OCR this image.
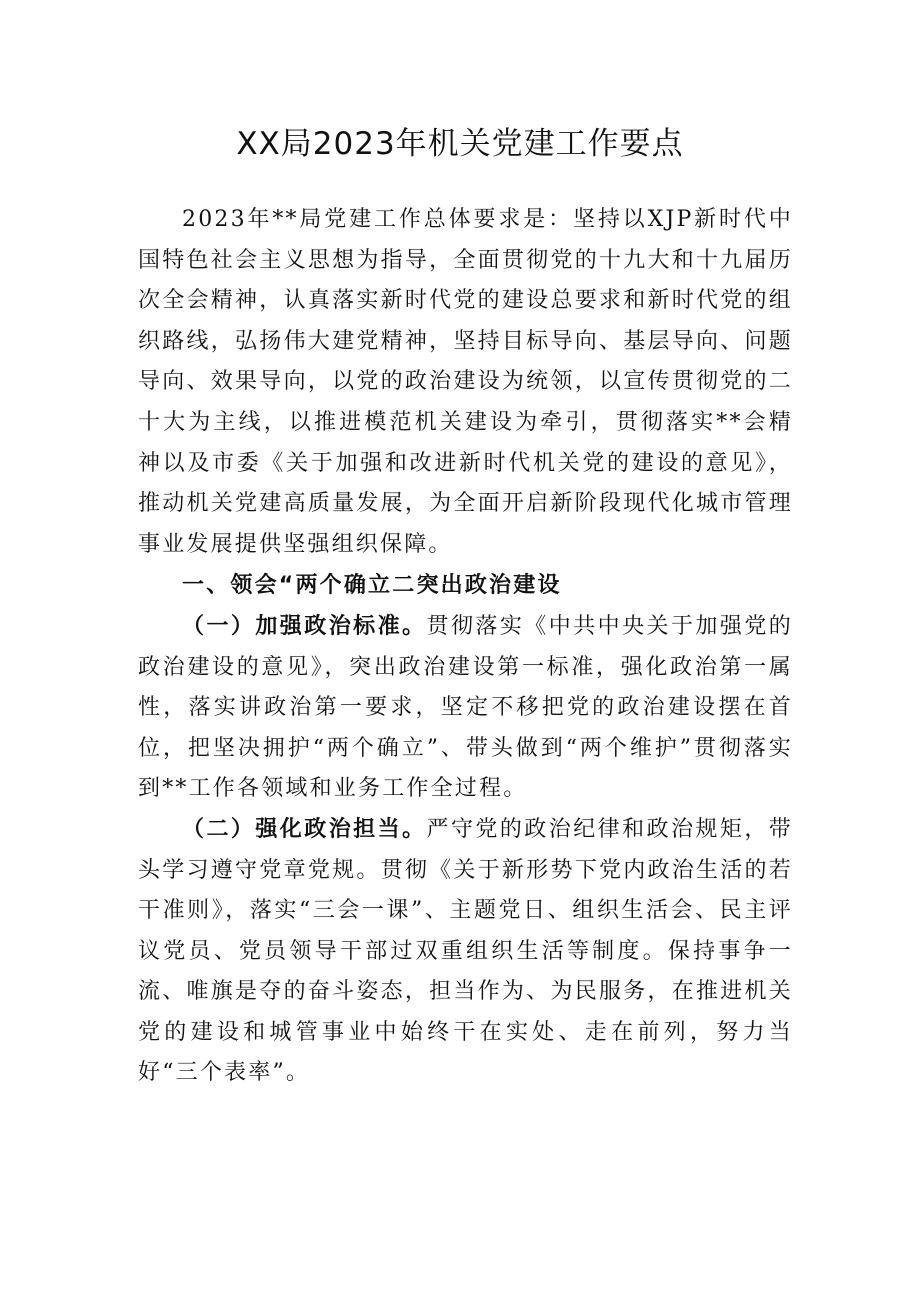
XX局2023年机关党建工作要点

2023年**局党建工作总体要求是：坚持以XJP新时代中国特色社会主义思想为指导，全面贯彻党的十九大和十九届历次全会精神，认真落实新时代党的建设总要求和新时代党的组织路线，弘扬伟大建党精神，坚持目标导向、基层导向、问题导向、效果导向，以党的政治建设为统领，以宣传贯彻党的二十大为主线，以推进模范机关建设为牵引，贯彻落实**会精神以及市委《关于加强和改进新时代机关党的建设的意见》，推动机关党建高质量发展，为全面开启新阶段现代化城市管理事业发展提供坚强组织保障。

一、领会“两个确立二突出政治建设

（一）加强政治标准。贯彻落实《中共中央关于加强党的政治建设的意见》，突出政治建设第一标准，强化政治第一属性，落实讲政治第一要求，坚定不移把党的政治建设摆在首位，把坚决拥护“两个确立”、带头做到“两个维护”贯彻落实到**工作各领域和业务工作全过程。

（二）强化政治担当。严守党的政治纪律和政治规矩，带头学习遵守党章党规。贯彻《关于新形势下党内政治生活的若干准则》，落实“三会一课”、主题党日、组织生活会、民主评议党员、党员领导干部过双重组织生活等制度。保持事争一流、唯旗是夺的奋斗姿态，担当作为、为民服务，在推进机关党的建设和城管事业中始终干在实处、走在前列，努力当好“三个表率”。
